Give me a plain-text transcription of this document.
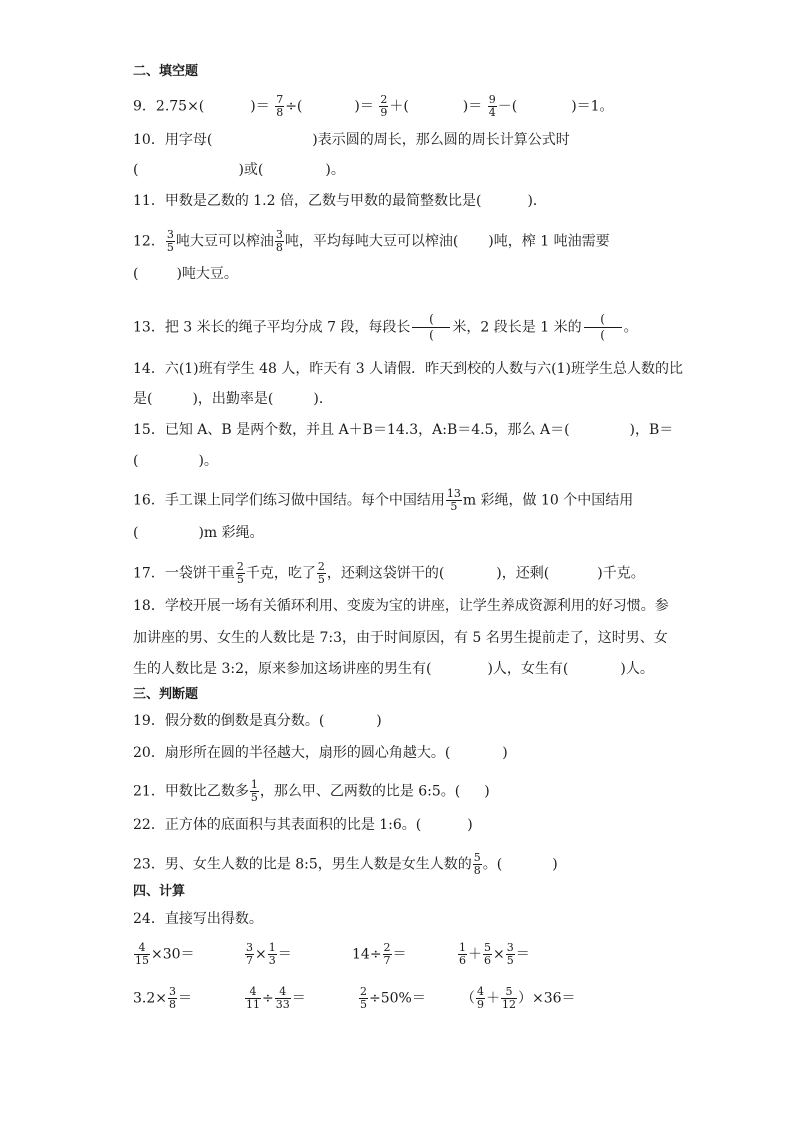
二、填空题
9．2.75×(	)＝ $\frac{7}{8}$ ÷(	)＝ $\frac{2}{9}$ ＋(	)＝ $\frac{9}{4}$ －(	)＝1。
10．用字母(	)表示圆的周长，那么圆的周长计算公式时
(	)或(	)。
11．甲数是乙数的 1.2 倍，乙数与甲数的最简整数比是(	)．
12． $\frac{3}{5}$ 吨大豆可以榨油 $\frac{3}{8}$ 吨，平均每吨大豆可以榨油( )吨，榨 1 吨油需要
(	)吨大豆。
13．把 3 米长的绳子平均分成 7 段，每段长
(
(	米，2 段长是 1 米的
(
(	。
14．六(1)班有学生 48 人，昨天有 3 人请假．昨天到校的人数与六(1)班学生总人数的比
是(	)，出勤率是(	)．
15．已知 A、B 是两个数，并且 A＋B＝14.3，A:B＝4.5，那么 A＝(	)，B＝
(	)。
16．手工课上同学们练习做中国结。每个中国结用 $\frac{13}{5}$ m 彩绳，做 10 个中国结用
(	)m 彩绳。
17．一袋饼干重 $\frac{2}{5}$ 千克，吃了 $\frac{2}{5}$ ，还剩这袋饼干的(	)，还剩(	)千克。
18．学校开展一场有关循环利用、变废为宝的讲座，让学生养成资源利用的好习惯。参
加讲座的男、女生的人数比是 7:3，由于时间原因，有 5 名男生提前走了，这时男、女
生的人数比是 3:2，原来参加这场讲座的男生有(	)人，女生有(	)人。
三、判断题
19．假分数的倒数是真分数。(	)
20．扇形所在圆的半径越大，扇形的圆心角越大。(	)
21．甲数比乙数多 $\frac{1}{5}$ ，那么甲、乙两数的比是 6:5。( )
22．正方体的底面积与其表面积的比是 1:6。(	)
23．男、女生人数的比是 8:5，男生人数是女生人数的 $\frac{5}{8}$ 。(	)
四、计算
24．直接写出得数。
$\frac{4}{15} \times 30=$	$\frac{3}{7} \times \frac{1}{3}$ ＝	$14\div \frac{2}{7}$ ＝	$\frac{1}{6} + \frac{5}{6} \times \frac{3}{5}$ ＝
$3.2\times \frac{3}{8}$ ＝	$\frac{4}{11} \div \frac{4}{33}$ ＝	$\frac{2}{5} \div 50\%=$	（ $\frac{4}{9} + \frac{5}{12} )\times 36=$
